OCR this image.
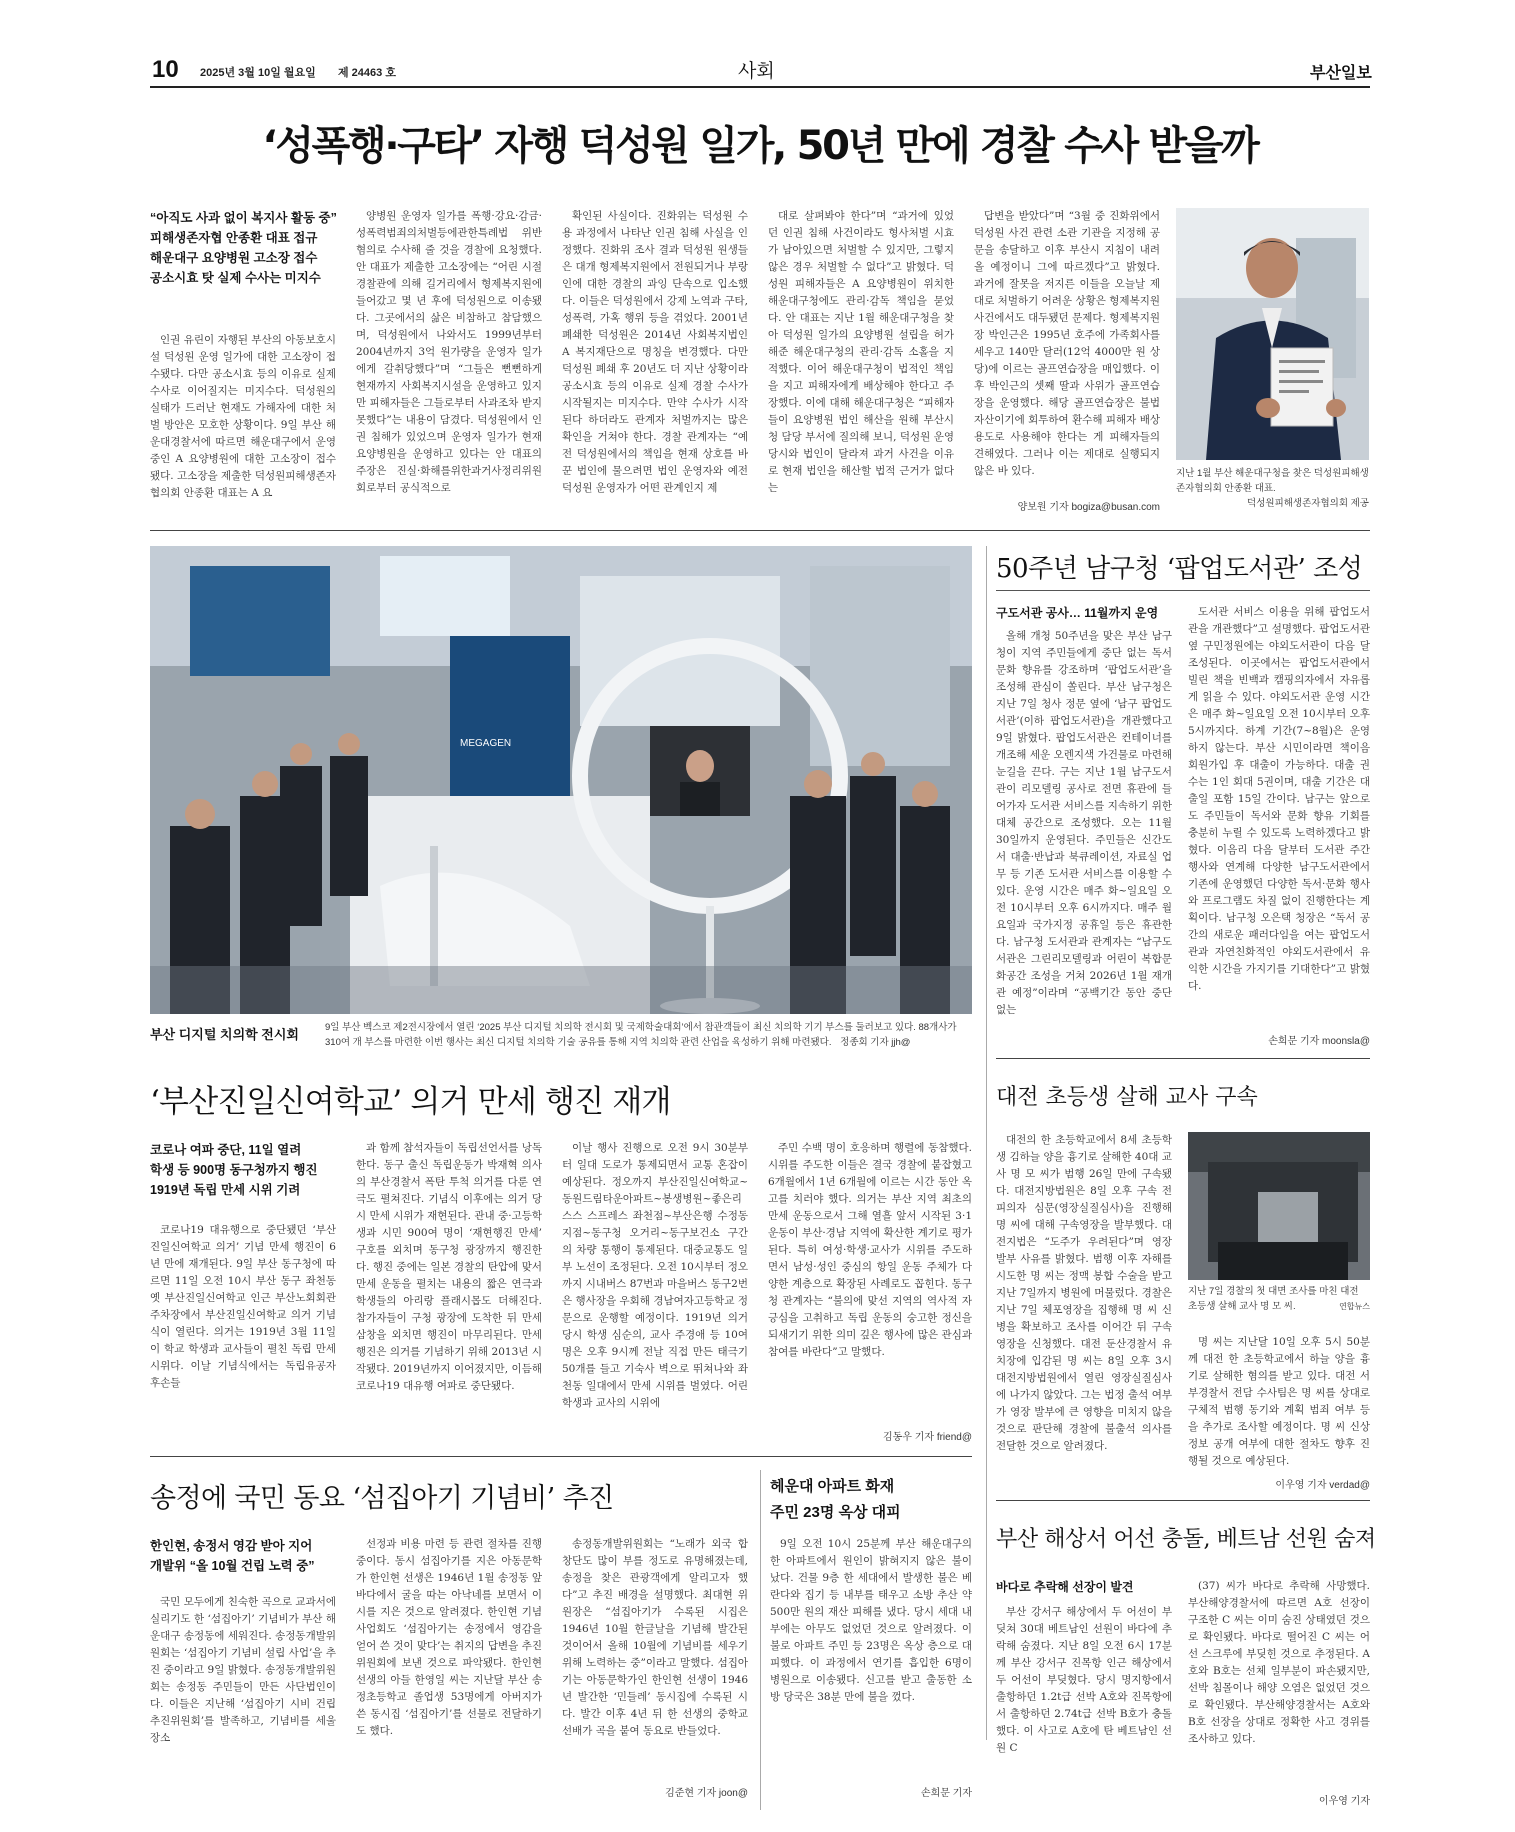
10 2025년 3월 10일 월요일 제 24463 호	사회	부산일보
‘성폭행·구타’ 자행 덕성원 일가, 50년 만에 경찰 수사 받을까
“아직도 사과 없이 복지사 활동 중”
피해생존자협 안종환 대표 접규
해운대구 요양병원 고소장 접수
공소시효 탓 실제 수사는 미지수

인권 유린이 자행된 부산의 아동보호시설 덕성원 운영 일가에 대한 고소장이 접수됐다. 다만 공소시효 등의 이유로 실제 수사로 이어질지는 미지수다. 덕성원의 실태가 드러난 현재도 가해자에 대한 처벌 방안은 모호한 상황이다. 9일 부산 해운대경찰서에 따르면 해운대구에서 운영 중인 A 요양병원에 대한 고소장이 접수됐다. 고소장을 제출한 덕성원피해생존자협의회 안종환 대표는 A 요

양병원 운영자 일가를 폭행·강요·감금·성폭력범죄의처벌등에관한특례법 위반 혐의로 수사해 줄 것을 경찰에 요청했다. 안 대표가 제출한 고소장에는 “어린 시절 경찰관에 의해 길거리에서 형제복지원에 들어갔고 몇 년 후에 덕성원으로 이송됐다. 그곳에서의 삶은 비참하고 참담했으며, 덕성원에서 나와서도 1999년부터 2004년까지 3억 원가량을 운영자 일가에게 갈취당했다”며 “그들은 뻔뻔하게 현재까지 사회복지시설을 운영하고 있지만 피해자들은 그들로부터 사과조차 받지 못했다”는 내용이 담겼다. 덕성원에서 인권 침해가 있었으며 운영자 일가가 현재 요양병원을 운영하고 있다는 안 대표의 주장은 진실·화해를위한과거사정리위원회로부터 공식적으로

확인된 사실이다. 진화위는 덕성원 수용 과정에서 나타난 인권 침해 사실을 인정했다. 진화위 조사 결과 덕성원 원생들은 대개 형제복지원에서 전원되거나 부랑인에 대한 경찰의 과잉 단속으로 입소했다. 이들은 덕성원에서 강제 노역과 구타, 성폭력, 가혹 행위 등을 겪었다. 2001년 폐쇄한 덕성원은 2014년 사회복지법인 A 복지재단으로 명칭을 변경했다. 다만 덕성원 폐쇄 후 20년도 더 지난 상황이라 공소시효 등의 이유로 실제 경찰 수사가 시작될지는 미지수다. 만약 수사가 시작된다 하더라도 관계자 처벌까지는 많은 확인을 거쳐야 한다. 경찰 관계자는 “예전 덕성원에서의 책임을 현재 상호를 바꾼 법인에 물으려면 법인 운영자와 예전 덕성원 운영자가 어떤 관계인지 제

대로 살펴봐야 한다”며 “과거에 있었던 인권 침해 사건이라도 형사처벌 시효가 남아있으면 처벌할 수 있지만, 그렇지 않은 경우 처벌할 수 없다”고 밝혔다. 덕성원 피해자들은 A 요양병원이 위치한 해운대구청에도 관리·감독 책임을 묻었다. 안 대표는 지난 1월 해운대구청을 찾아 덕성원 일가의 요양병원 설립을 허가해준 해운대구청의 관리·감독 소홀을 지적했다. 이어 해운대구청이 법적인 책임을 지고 피해자에게 배상해야 한다고 주장했다. 이에 대해 해운대구청은 “피해자들이 요양병원 법인 해산을 원해 부산시청 담당 부서에 질의해 보니, 덕성원 운영 당시와 법인이 달라져 과거 사건을 이유로 현재 법인을 해산할 법적 근거가 없다는

답변을 받았다”며 “3월 중 진화위에서 덕성원 사건 관련 소관 기관을 지정해 공문을 송달하고 이후 부산시 지침이 내려올 예정이니 그에 따르겠다”고 밝혔다. 과거에 잘못을 저지른 이들을 오늘날 제대로 처벌하기 어려운 상황은 형제복지원 사건에서도 대두됐던 문제다. 형제복지원장 박인근은 1995년 호주에 가족회사를 세우고 140만 달러(12억 4000만 원 상당)에 이르는 골프연습장을 매입했다. 이후 박인근의 셋째 딸과 사위가 골프연습장을 운영했다. 해당 골프연습장은 불법 자산이기에 회투하여 환수해 피해자 배상 용도로 사용해야 한다는 게 피해자들의 견해였다. 그러나 이는 제대로 실행되지 않은 바 있다.

양보원 기자 bogiza@busan.com
지난 1월 부산 해운대구청을 찾은 덕성원피해생존자협의회 안종환 대표.
덕성원피해생존자협의회 제공
MEGAGEN
부산 디지털 치의학 전시회	9일 부산 벡스코 제2전시장에서 열린 ‘2025 부산 디지털 치의학 전시회 및 국제학술대회’에서 참관객들이 최신 치의학 기기 부스를 둘러보고 있다. 88개사가 310여 개 부스를 마련한 이번 행사는 최신 디지털 치의학 기술 공유를 통해 지역 치의학 관련 산업을 육성하기 위해 마련됐다. 정종회 기자 jjh@
50주년 남구청 ‘팝업도서관’ 조성
구도서관 공사… 11월까지 운영

올해 개청 50주년을 맞은 부산 남구청이 지역 주민들에게 중단 없는 독서 문화 향유를 강조하며 ‘팝업도서관’을 조성해 관심이 쏠린다. 부산 남구청은 지난 7일 청사 정문 옆에 ‘남구 팝업도서관’(이하 팝업도서관)을 개관했다고 9일 밝혔다. 팝업도서관은 컨테이너를 개조해 세운 오렌지색 가건물로 마련해 눈길을 끈다. 구는 지난 1월 남구도서관이 리모델링 공사로 전면 휴관에 들어가자 도서관 서비스를 지속하기 위한 대체 공간으로 조성했다. 오는 11월 30일까지 운영된다. 주민들은 신간도서 대출·반납과 북큐레이션, 자료실 업무 등 기존 도서관 서비스를 이용할 수 있다. 운영 시간은 매주 화~일요일 오전 10시부터 오후 6시까지다. 매주 월요일과 국가지정 공휴일 등은 휴관한다. 남구청 도서관과 관계자는 “남구도서관은 그린리모델링과 어린이 복합문화공간 조성을 거쳐 2026년 1월 재개관 예정”이라며 “공백기간 동안 중단 없는

도서관 서비스 이용을 위해 팝업도서관을 개관했다”고 설명했다. 팝업도서관 옆 구민정원에는 야외도서관이 다음 달 조성된다. 이곳에서는 팝업도서관에서 빌린 책을 빈백과 캠핑의자에서 자유롭게 읽을 수 있다. 야외도서관 운영 시간은 매주 화~일요일 오전 10시부터 오후 5시까지다. 하계 기간(7~8월)은 운영하지 않는다. 부산 시민이라면 책이음 회원가입 후 대출이 가능하다. 대출 권수는 1인 회대 5권이며, 대출 기간은 대출일 포함 15일 간이다. 남구는 앞으로도 주민들이 독서와 문화 향유 기회를 충분히 누릴 수 있도록 노력하겠다고 밝혔다. 이음리 다음 달부터 도서관 주간 행사와 연계해 다양한 남구도서관에서 기존에 운영했던 다양한 독서·문화 행사와 프로그램도 차질 없이 진행한다는 계획이다. 남구청 오은택 청장은 “독서 공간의 새로운 패러다임을 여는 팝업도서관과 자연친화적인 야외도서관에서 유익한 시간을 가지기를 기대한다”고 밝혔다.

손희문 기자 moonsla@
대전 초등생 살해 교사 구속

대전의 한 초등학교에서 8세 초등학생 김하늘 양을 흉기로 살해한 40대 교사 명 모 씨가 범행 26일 만에 구속됐다. 대전지방법원은 8일 오후 구속 전 피의자 심문(영장실질심사)을 진행해 명 씨에 대해 구속영장을 발부했다. 대전지법은 “도주가 우려된다”며 영장 발부 사유를 밝혔다. 범행 이후 자해를 시도한 명 씨는 정맥 봉합 수술을 받고 지난 7일까지 병원에 머물렀다. 경찰은 지난 7일 체포영장을 집행해 명 씨 신병을 확보하고 조사를 이어간 뒤 구속영장을 신청했다. 대전 둔산경찰서 유치장에 입감된 명 씨는 8일 오후 3시 대전지방법원에서 열린 영장실질심사에 나가지 않았다. 그는 법정 출석 여부가 영장 발부에 큰 영향을 미치지 않을 것으로 판단해 경찰에 불출석 의사를 전달한 것으로 알려졌다.

지난 7일 경찰의 첫 대면 조사를 마친 대전 초등생 살해 교사 명 모 씨.	연합뉴스

명 씨는 지난달 10일 오후 5시 50분께 대전 한 초등학교에서 하늘 양을 흉기로 살해한 혐의를 받고 있다. 대전 서부경찰서 전담 수사팀은 명 씨를 상대로 구체적 범행 동기와 계획 범죄 여부 등을 추가로 조사할 예정이다. 명 씨 신상 정보 공개 여부에 대한 절차도 향후 진행될 것으로 예상된다.

이우영 기자 verdad@
‘부산진일신여학교’ 의거 만세 행진 재개
코로나 여파 중단, 11일 열려
학생 등 900명 동구청까지 행진
1919년 독립 만세 시위 기려

코로나19 대유행으로 중단됐던 ‘부산진일신여학교 의거’ 기념 만세 행진이 6년 만에 재개된다. 9일 부산 동구청에 따르면 11일 오전 10시 부산 동구 좌천동 옛 부산진일신여학교 인근 부산노회회관 주차장에서 부산진일신여학교 의거 기념식이 열린다. 의거는 1919년 3월 11일 이 학교 학생과 교사들이 펼친 독립 만세 시위다. 이날 기념식에서는 독립유공자 후손들

과 함께 참석자들이 독립선언서를 낭독한다. 동구 출신 독립운동가 박재혁 의사의 부산경찰서 폭탄 투척 의거를 다룬 연극도 펼쳐진다. 기념식 이후에는 의거 당시 만세 시위가 재현된다. 관내 중·고등학생과 시민 900여 명이 ‘재현행진 만세’ 구호를 외치며 동구청 광장까지 행진한다. 행진 중에는 일본 경찰의 탄압에 맞서 만세 운동을 펼치는 내용의 짧은 연극과 학생들의 아리랑 플래시몹도 더해진다. 참가자들이 구청 광장에 도착한 뒤 만세 삼창을 외치면 행진이 마무리된다. 만세 행진은 의거를 기념하기 위해 2013년 시작됐다. 2019년까지 이어졌지만, 이듬해 코로나19 대유행 여파로 중단됐다.

이날 행사 진행으로 오전 9시 30분부터 일대 도로가 통제되면서 교통 혼잡이 예상된다. 정오까지 부산진일신여학교~동원드림타운아파트~봉생병원~좋은리스스 스프레스 좌천점~부산은행 수정동지점~동구청 오거리~동구보건소 구간의 차량 통행이 통제된다. 대중교통도 일부 노선이 조정된다. 오전 10시부터 정오까지 시내버스 87번과 마을버스 동구2번은 행사장을 우회해 경남여자고등학교 정문으로 운행할 예정이다. 1919년 의거 당시 학생 심순의, 교사 주경애 등 10여 명은 오후 9시께 전날 직접 만든 태극기 50개를 들고 기숙사 벽으로 뛰쳐나와 좌천동 일대에서 만세 시위를 벌였다. 어린 학생과 교사의 시위에

주민 수백 명이 호응하며 행렬에 동참했다. 시위를 주도한 이들은 결국 경찰에 붙잡혔고 6개월에서 1년 6개월에 이르는 시간 동안 옥고를 치러야 했다. 의거는 부산 지역 최초의 만세 운동으로서 그해 열흘 앞서 시작된 3·1운동이 부산·경남 지역에 확산한 계기로 평가된다. 특히 여성·학생·교사가 시위를 주도하면서 남성·성인 중심의 항일 운동 주체가 다양한 계층으로 확장된 사례로도 꼽힌다. 동구청 관계자는 “불의에 맞선 지역의 역사적 자긍심을 고취하고 독립 운동의 숭고한 정신을 되새기기 위한 의미 깊은 행사에 많은 관심과 참여를 바란다”고 말했다.

김동우 기자 friend@
송정에 국민 동요 ‘섬집아기 기념비’ 추진
한인현, 송정서 영감 받아 지어
개발위 “올 10월 건립 노력 중”

국민 모두에게 친숙한 곡으로 교과서에 실리기도 한 ‘섬집아기’ 기념비가 부산 해운대구 송정동에 세워진다. 송정동개발위원회는 ‘섬집아기 기념비 설립 사업’을 추진 중이라고 9일 밝혔다. 송정동개발위원회는 송정동 주민들이 만든 사단법인이다. 이들은 지난해 ‘섬집아기 시비 건립 추진위원회’를 발족하고, 기념비를 세울 장소

선정과 비용 마련 등 관련 절차를 진행 중이다. 동시 섬집아기를 지은 아동문학가 한인현 선생은 1946년 1월 송정동 앞바다에서 굴을 따는 아낙네를 보면서 이 시를 지은 것으로 알려졌다. 한인현 기념사업회도 ‘섬집아기는 송정에서 영감을 얻어 쓴 것이 맞다’는 취지의 답변을 추진위원회에 보낸 것으로 파악됐다. 한인현 선생의 아들 한영일 씨는 지난달 부산 송정초등학교 졸업생 53명에게 아버지가 쓴 동시집 ‘섬집아기’를 선물로 전달하기도 했다.

송정동개발위원회는 “노래가 외국 합창단도 많이 부를 정도로 유명해졌는데, 송정을 찾은 관광객에게 알리고자 했다”고 추진 배경을 설명했다. 최대현 위원장은 “섬집아기가 수록된 시집은 1946년 10월 한글날을 기념해 발간된 것이어서 올해 10월에 기념비를 세우기 위해 노력하는 중”이라고 말했다. 섬집아기는 아동문학가인 한인현 선생이 1946년 발간한 ‘민들레’ 동시집에 수록된 시다. 발간 이후 4년 뒤 한 선생의 중학교 선배가 곡을 붙여 동요로 반들었다.

김준현 기자 joon@
헤운대 아파트 화재
주민 23명 옥상 대피

9일 오전 10시 25분께 부산 해운대구의 한 아파트에서 원인이 밝혀지지 않은 불이 났다. 건물 9층 한 세대에서 발생한 불은 베란다와 집기 등 내부를 태우고 소방 추산 약 500만 원의 재산 피해를 냈다. 당시 세대 내부에는 아무도 없었던 것으로 알려졌다. 이 불로 아파트 주민 등 23명은 옥상 층으로 대피했다. 이 과정에서 연기를 흡입한 6명이 병원으로 이송됐다. 신고를 받고 출동한 소방 당국은 38분 만에 불을 껐다.

손희문 기자
부산 해상서 어선 충돌, 베트남 선원 숨져
바다로 추락해 선장이 발견

부산 강서구 해상에서 두 어선이 부딪쳐 30대 베트남인 선원이 바다에 추락해 숨졌다. 지난 8일 오전 6시 17분께 부산 강서구 진목항 인근 해상에서 두 어선이 부딪혔다. 당시 명지항에서 출항하던 1.2t급 선박 A호와 진목항에서 출항하던 2.74t급 선박 B호가 충돌했다. 이 사고로 A호에 탄 베트남인 선원 C

(37) 씨가 바다로 추락해 사망했다. 부산해양경찰서에 따르면 A호 선장이 구조한 C 씨는 이미 숨진 상태였던 것으로 확인됐다. 바다로 떨어진 C 씨는 어선 스크루에 부딪힌 것으로 추정된다. A호와 B호는 선체 일부분이 파손됐지만, 선박 침몰이나 해양 오염은 없었던 것으로 확인됐다. 부산해양경찰서는 A호와 B호 선장을 상대로 정확한 사고 경위를 조사하고 있다.

이우영 기자
